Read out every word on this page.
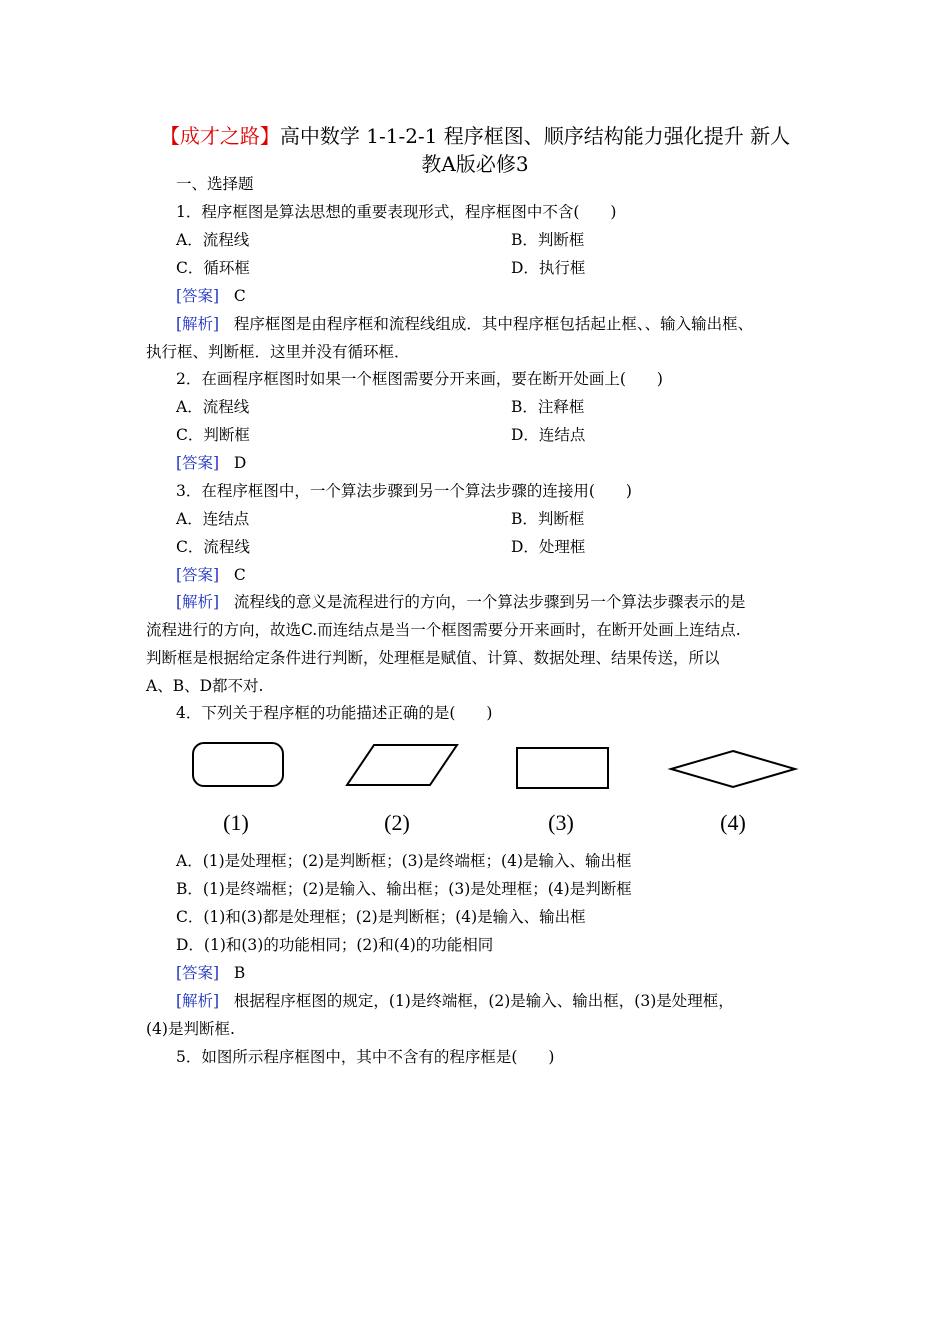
【成才之路】高中数学 1-1-2-1 程序框图、顺序结构能力强化提升 新人
教A版必修3
一、选择题
1．程序框图是算法思想的重要表现形式，程序框图中不含(　　)
A．流程线	B．判断框
C．循环框	D．执行框
[答案] C
[解析] 程序框图是由程序框和流程线组成．其中程序框包括起止框、、输入输出框、
执行框、判断框．这里并没有循环框．
2．在画程序框图时如果一个框图需要分开来画，要在断开处画上(　　)
A．流程线	B．注释框
C．判断框	D．连结点
[答案] D
3．在程序框图中，一个算法步骤到另一个算法步骤的连接用(　　)
A．连结点	B．判断框
C．流程线	D．处理框
[答案] C
[解析] 流程线的意义是流程进行的方向，一个算法步骤到另一个算法步骤表示的是
流程进行的方向，故选C.而连结点是当一个框图需要分开来画时，在断开处画上连结点.
判断框是根据给定条件进行判断，处理框是赋值、计算、数据处理、结果传送，所以
A、B、D都不对.
4．下列关于程序框的功能描述正确的是(　　)
(1)	(2)	(3)	(4)
A．(1)是处理框；(2)是判断框；(3)是终端框；(4)是输入、输出框
B．(1)是终端框；(2)是输入、输出框；(3)是处理框；(4)是判断框
C．(1)和(3)都是处理框；(2)是判断框；(4)是输入、输出框
D．(1)和(3)的功能相同；(2)和(4)的功能相同
[答案] B
[解析] 根据程序框图的规定，(1)是终端框，(2)是输入、输出框，(3)是处理框，
(4)是判断框.
5．如图所示程序框图中，其中不含有的程序框是(　　)
